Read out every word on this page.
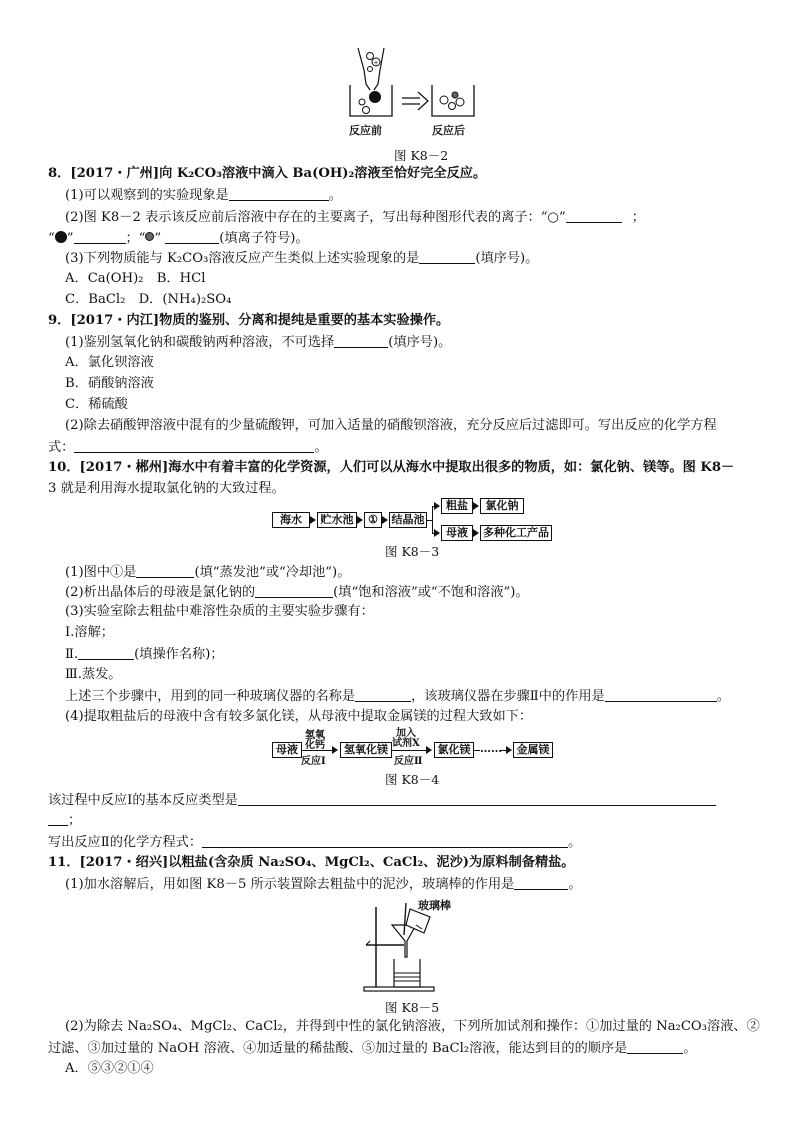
+
反应前	反应后
图 K8－2
8．[2017・广州]向 K₂CO₃溶液中滴入 Ba(OH)₂溶液至恰好完全反应。
(1)可以观察到的实验现象是	。
(2)图 K8－2 表示该反应前后溶液中存在的主要离子，写出每种图形代表的离子：“○”	；
“ ”	；“ ”	(填离子符号)。
(3)下列物质能与 K₂CO₃溶液反应产生类似上述实验现象的是	(填序号)。
A．Ca(OH)₂　B．HCl
C．BaCl₂　D．(NH₄)₂SO₄
9．[2017・内江]物质的鉴别、分离和提纯是重要的基本实验操作。
(1)鉴别氢氧化钠和碳酸钠两种溶液，不可选择	(填序号)。
A．氯化钡溶液
B．硝酸钠溶液
C．稀硫酸
(2)除去硝酸钾溶液中混有的少量硫酸钾，可加入适量的硝酸钡溶液，充分反应后过滤即可。写出反应的化学方程
式：	。
10．[2017・郴州]海水中有着丰富的化学资源，人们可以从海水中提取出很多的物质，如：氯化钠、镁等。图 K8－
3 就是利用海水提取氯化钠的大致过程。
海水	贮水池	①	结晶池
粗盐
母液
氯化钠
多种化工产品
图 K8－3
(1)图中①是	(填“蒸发池”或“冷却池”)。
(2)析出晶体后的母液是氯化钠的	(填“饱和溶液”或“不饱和溶液”)。
(3)实验室除去粗盐中难溶性杂质的主要实验步骤有：
Ⅰ.溶解；
Ⅱ.	(填操作名称)；
Ⅲ.蒸发。
上述三个步骤中，用到的同一种玻璃仪器的名称是	，该玻璃仪器在步骤Ⅱ中的作用是	。
(4)提取粗盐后的母液中含有较多氯化镁，从母液中提取金属镁的过程大致如下：
母液
氢氧
化钙
反应Ⅰ
氢氧化镁
加入
试剂X
反应Ⅱ
氯化镁 ……	金属镁
图 K8－4
该过程中反应Ⅰ的基本反应类型是
；
写出反应Ⅱ的化学方程式：	。
11．[2017・绍兴]以粗盐(含杂质 Na₂SO₄、MgCl₂、CaCl₂、泥沙)为原料制备精盐。
(1)加水溶解后，用如图 K8－5 所示装置除去粗盐中的泥沙，玻璃棒的作用是	。
玻璃棒
图 K8－5
(2)为除去 Na₂SO₄、MgCl₂、CaCl₂，并得到中性的氯化钠溶液，下列所加试剂和操作：①加过量的 Na₂CO₃溶液、②
过滤、③加过量的 NaOH 溶液、④加适量的稀盐酸、⑤加过量的 BaCl₂溶液，能达到目的的顺序是	。
A．⑤③②①④
